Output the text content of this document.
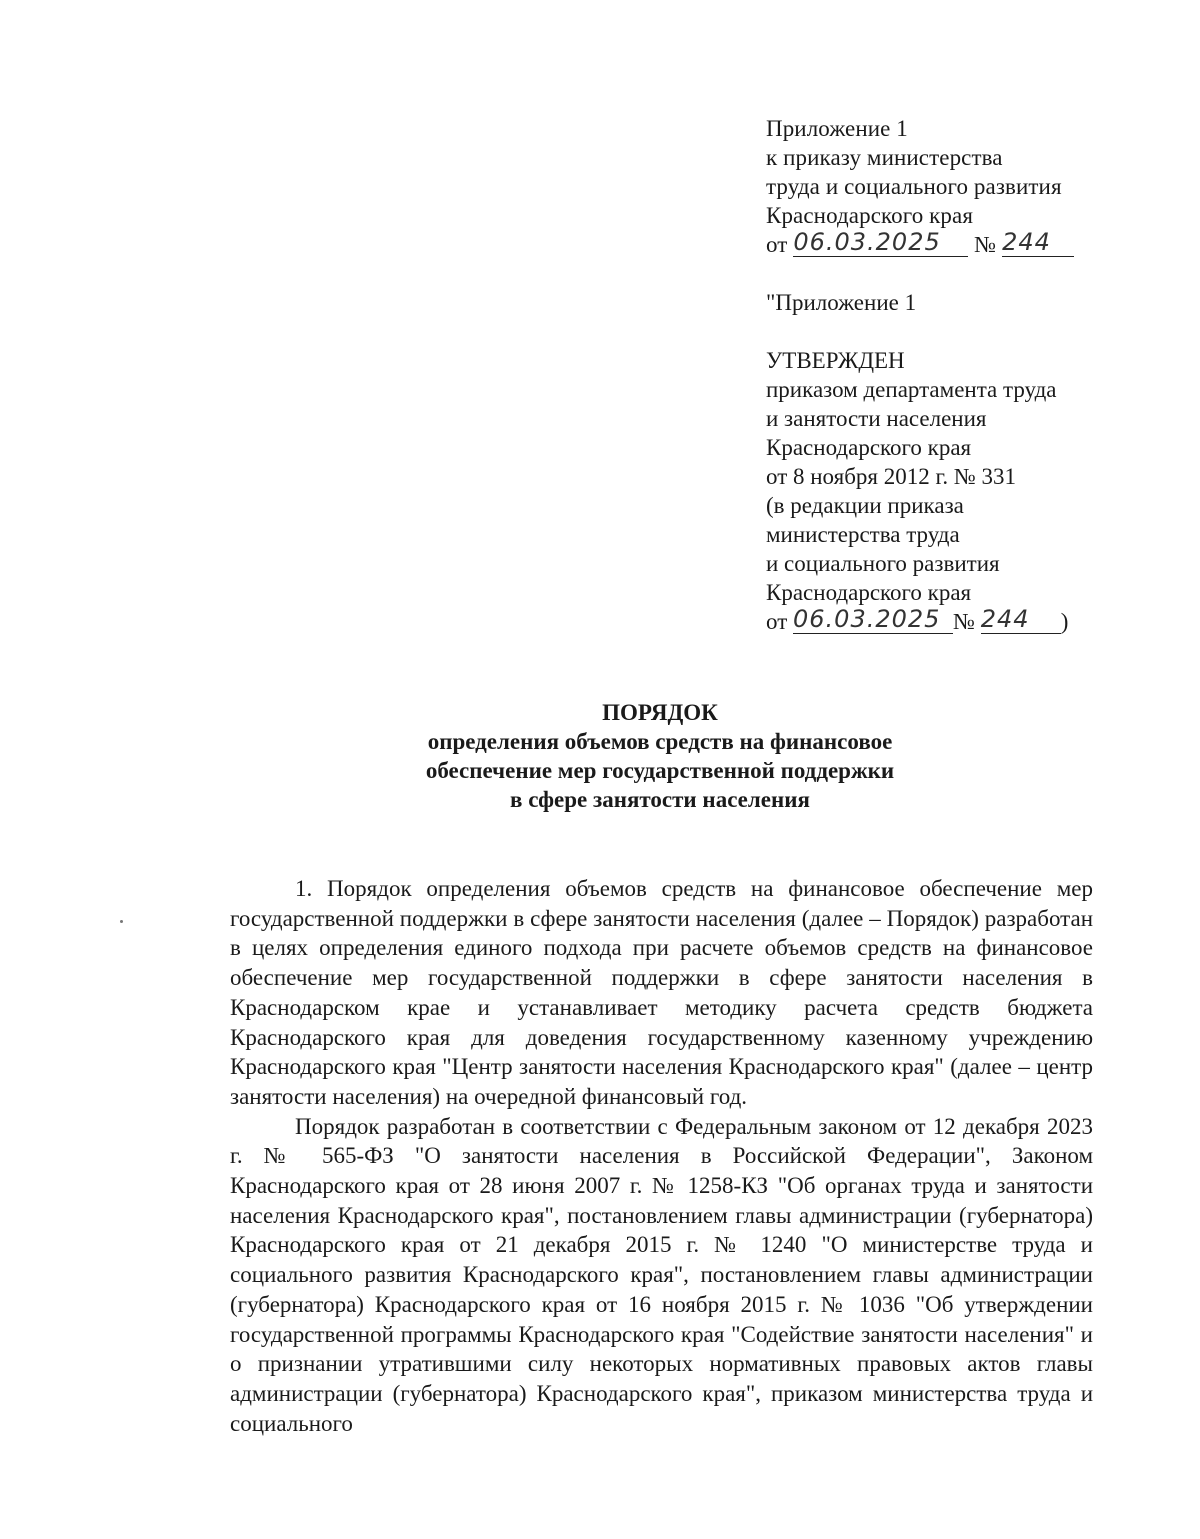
Приложение 1
к приказу министерства
труда и социального развития
Краснодарского края
от 06.03.2025 № 244
"Приложение 1
УТВЕРЖДЕН
приказом департамента труда
и занятости населения
Краснодарского края
от 8 ноября 2012 г. № 331
(в редакции приказа
министерства труда
и социального развития
Краснодарского края
от 06.03.2025 № 244 )
ПОРЯДОК
определения объемов средств на финансовое
обеспечение мер государственной поддержки
в сфере занятости населения

1. Порядок определения объемов средств на финансовое обеспечение мер государственной поддержки в сфере занятости населения (далее – Порядок) разработан в целях определения единого подхода при расчете объемов средств на финансовое обеспечение мер государственной поддержки в сфере занятости населения в Краснодарском крае и устанавливает методику расчета средств бюджета Краснодарского края для доведения государственному казенному учреждению Краснодарского края "Центр занятости населения Краснодарского края" (далее – центр занятости населения) на очередной финансовый год.

Порядок разработан в соответствии с Федеральным законом от 12 декабря 2023 г. № 565-ФЗ "О занятости населения в Российской Федерации", Законом Краснодарского края от 28 июня 2007 г. № 1258-КЗ "Об органах труда и занятости населения Краснодарского края", постановлением главы администрации (губернатора) Краснодарского края от 21 декабря 2015 г. № 1240 "О министерстве труда и социального развития Краснодарского края", постановлением главы администрации (губернатора) Краснодарского края от 16 ноября 2015 г. № 1036 "Об утверждении государственной программы Краснодарского края "Содействие занятости населения" и о признании утратившими силу некоторых нормативных правовых актов главы администрации (губернатора) Краснодарского края", приказом министерства труда и социального
